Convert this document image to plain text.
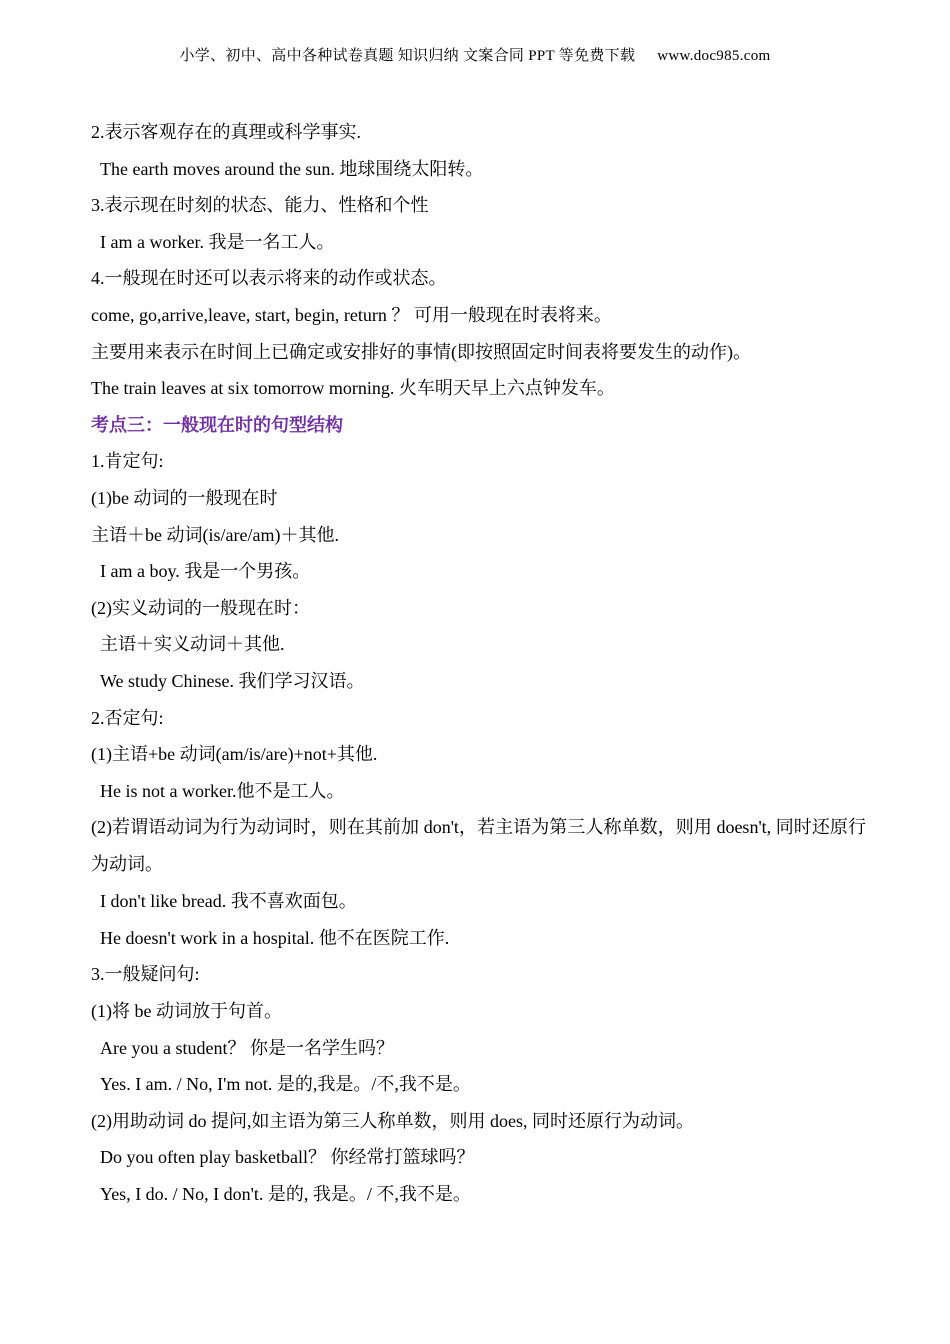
小学、初中、高中各种试卷真题 知识归纳 文案合同 PPT 等免费下载 www.doc985.com
2.表示客观存在的真理或科学事实.
The earth moves around the sun. 地球围绕太阳转。
3.表示现在时刻的状态、能力、性格和个性
I am a worker. 我是一名工人。
4.一般现在时还可以表示将来的动作或状态。
come, go,arrive,leave, start, begin, return ？ 可用一般现在时表将来。
主要用来表示在时间上已确定或安排好的事情(即按照固定时间表将要发生的动作)。
The train leaves at six tomorrow morning. 火车明天早上六点钟发车。
考点三：一般现在时的句型结构
1.肯定句:
(1)be 动词的一般现在时
主语＋be 动词(is/are/am)＋其他.
I am a boy. 我是一个男孩。
(2)实义动词的一般现在时：
主语＋实义动词＋其他.
We study Chinese. 我们学习汉语。
2.否定句:
(1)主语+be 动词(am/is/are)+not+其他.
He is not a worker.他不是工人。
(2)若谓语动词为行为动词时，则在其前加 don't，若主语为第三人称单数，则用 doesn't, 同时还原行为动词。
I don't like bread. 我不喜欢面包。
He doesn't work in a hospital. 他不在医院工作.
3.一般疑问句:
(1)将 be 动词放于句首。
Are you a student？ 你是一名学生吗？
Yes. I am. / No, I'm not. 是的,我是。/不,我不是。
(2)用助动词 do 提问,如主语为第三人称单数，则用 does, 同时还原行为动词。
Do you often play basketball？ 你经常打篮球吗？
Yes, I do. / No, I don't. 是的, 我是。/ 不,我不是。
